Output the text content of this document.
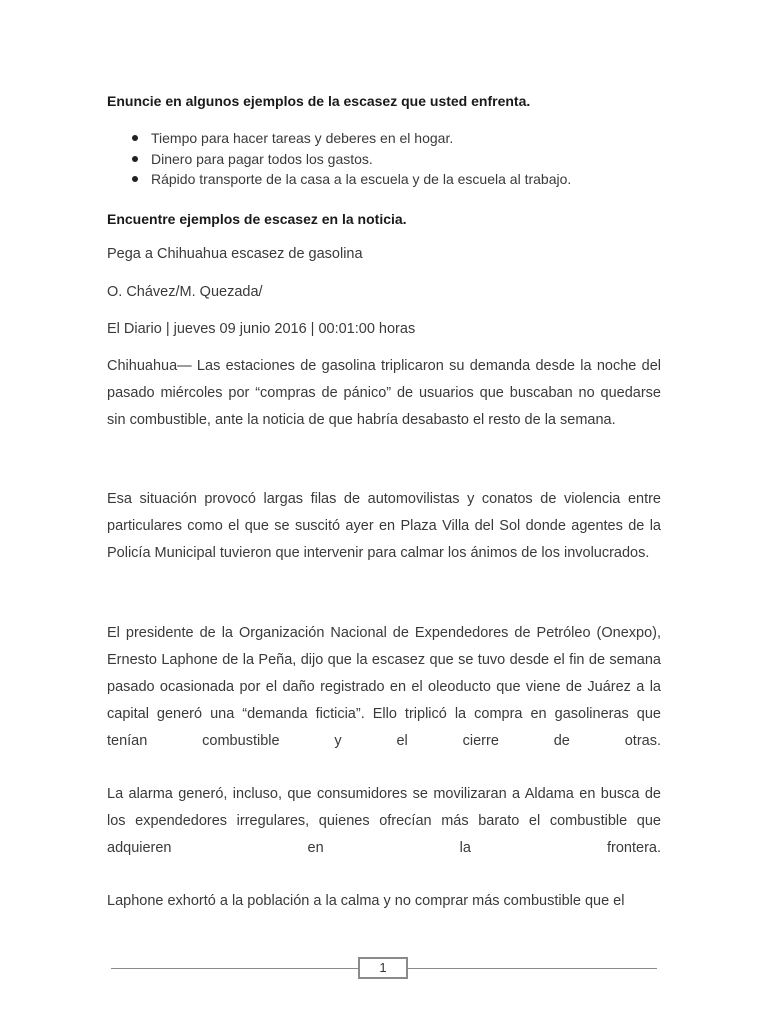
Enuncie en algunos ejemplos de la escasez que usted enfrenta.
Tiempo para hacer tareas y deberes en el hogar.
Dinero para pagar todos los gastos.
Rápido transporte de la casa a la escuela y de la escuela al trabajo.
Encuentre ejemplos de escasez en la noticia.
Pega a Chihuahua escasez de gasolina
O. Chávez/M. Quezada/
El Diario | jueves 09 junio 2016 | 00:01:00 horas

Chihuahua— Las estaciones de gasolina triplicaron su demanda desde la noche del pasado miércoles por “compras de pánico” de usuarios que buscaban no quedarse sin combustible, ante la noticia de que habría desabasto el resto de la semana.

Esa situación provocó largas filas de automovilistas y conatos de violencia entre particulares como el que se suscitó ayer en Plaza Villa del Sol donde agentes de la Policía Municipal tuvieron que intervenir para calmar los ánimos de los involucrados.

El presidente de la Organización Nacional de Expendedores de Petróleo (Onexpo), Ernesto Laphone de la Peña, dijo que la escasez que se tuvo desde el fin de semana pasado ocasionada por el daño registrado en el oleoducto que viene de Juárez a la capital generó una “demanda ficticia”. Ello triplicó la compra en gasolineras que tenían combustible y el cierre de otras.

La alarma generó, incluso, que consumidores se movilizaran a Aldama en busca de los expendedores irregulares, quienes ofrecían más barato el combustible que adquieren en la frontera.

Laphone exhortó a la población a la calma y no comprar más combustible que el

1
